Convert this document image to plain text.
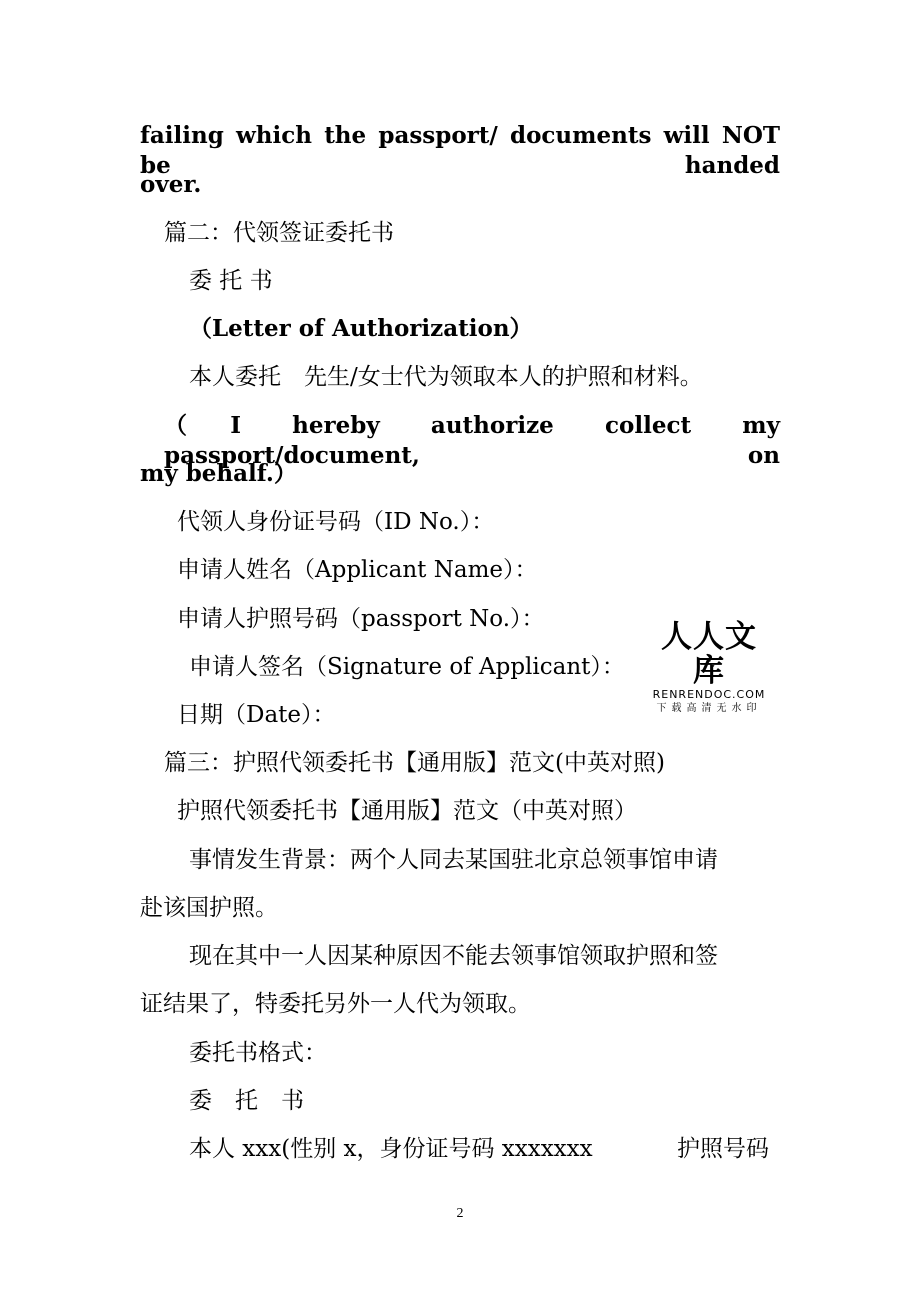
failing which the passport/ documents will NOT be handed
over.
篇二：代领签证委托书
委 托 书
（Letter of Authorization）
本人委托　先生/女士代为领取本人的护照和材料。
（I hereby authorize collect my passport/document, on
my behalf.）
代领人身份证号码（ID No.）：
申请人姓名（Applicant Name）：
申请人护照号码（passport No.）：
申请人签名（Signature of Applicant）：
日期（Date）：
篇三：护照代领委托书【通用版】范文(中英对照)
护照代领委托书【通用版】范文（中英对照）
事情发生背景：两个人同去某国驻北京总领事馆申请
赴该国护照。
现在其中一人因某种原因不能去领事馆领取护照和签
证结果了，特委托另外一人代为领取。
委托书格式：
委　托　书
本人 xxx(性别 x，身份证号码 xxxxxxx	护照号码
人人文库
RENRENDOC.COM
下载高清无水印
2
